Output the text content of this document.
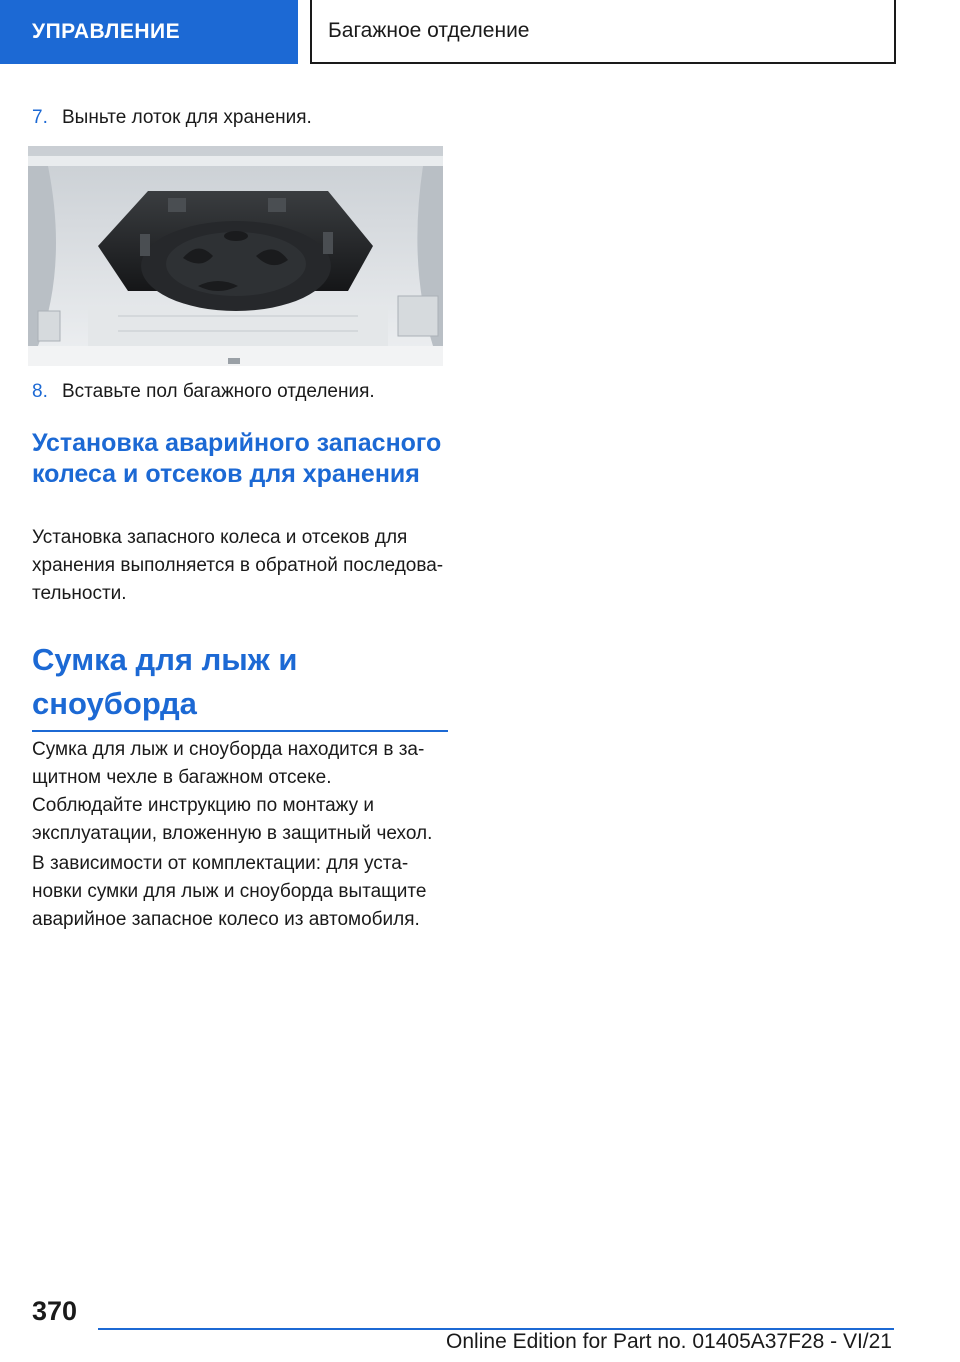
УПРАВЛЕНИЕ	Багажное отделение
7. Выньте лоток для хранения.
8. Вставьте пол багажного отделения.
Установка аварийного запасного колеса и отсеков для хранения
Установка запасного колеса и отсеков для хранения выполняется в обратной последова-тельности.
Сумка для лыж и сноуборда
Сумка для лыж и сноуборда находится в за-щитном чехле в багажном отсеке.
Соблюдайте инструкцию по монтажу и эксплуатации, вложенную в защитный чехол.
В зависимости от комплектации: для уста-новки сумки для лыж и сноуборда вытащите аварийное запасное колесо из автомобиля.
370
Online Edition for Part no. 01405A37F28 - VI/21
